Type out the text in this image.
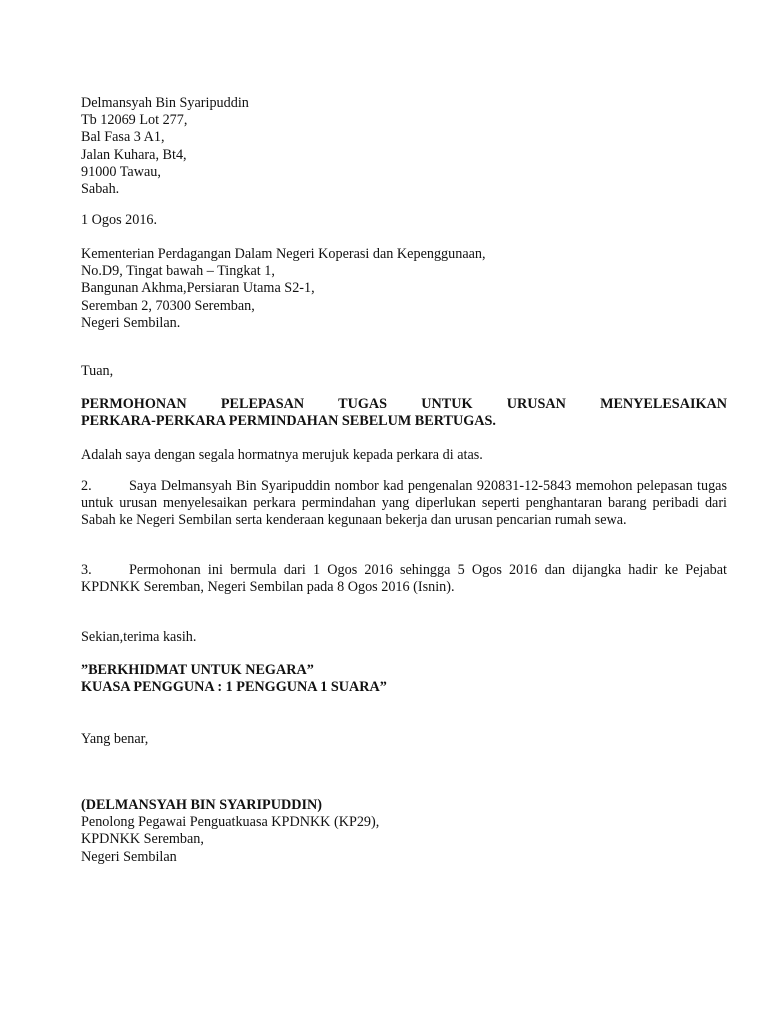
Delmansyah Bin Syaripuddin
Tb 12069 Lot 277,
Bal Fasa 3 A1,
Jalan Kuhara, Bt4,
91000 Tawau,
Sabah.
1 Ogos 2016.
Kementerian Perdagangan Dalam Negeri Koperasi dan Kepenggunaan,
No.D9, Tingat bawah – Tingkat 1,
Bangunan Akhma,Persiaran Utama S2-1,
Seremban 2, 70300 Seremban,
Negeri Sembilan.
Tuan,
PERMOHONAN PELEPASAN TUGAS UNTUK URUSAN MENYELESAIKAN
PERKARA-PERKARA PERMINDAHAN SEBELUM BERTUGAS.
Adalah saya dengan segala hormatnya merujuk kepada perkara di atas.
2.	Saya Delmansyah Bin Syaripuddin nombor kad pengenalan 920831-12-5843 memohon pelepasan tugas untuk urusan menyelesaikan perkara permindahan yang diperlukan seperti penghantaran barang peribadi dari Sabah ke Negeri Sembilan serta kenderaan kegunaan bekerja dan urusan pencarian rumah sewa.
3.	Permohonan ini bermula dari 1 Ogos 2016 sehingga 5 Ogos 2016 dan dijangka hadir ke Pejabat KPDNKK Seremban, Negeri Sembilan pada 8 Ogos 2016 (Isnin).
Sekian,terima kasih.
”BERKHIDMAT UNTUK NEGARA”
KUASA PENGGUNA : 1 PENGGUNA 1 SUARA”
Yang benar,
(DELMANSYAH BIN SYARIPUDDIN)
Penolong Pegawai Penguatkuasa KPDNKK (KP29),
KPDNKK Seremban,
Negeri Sembilan
